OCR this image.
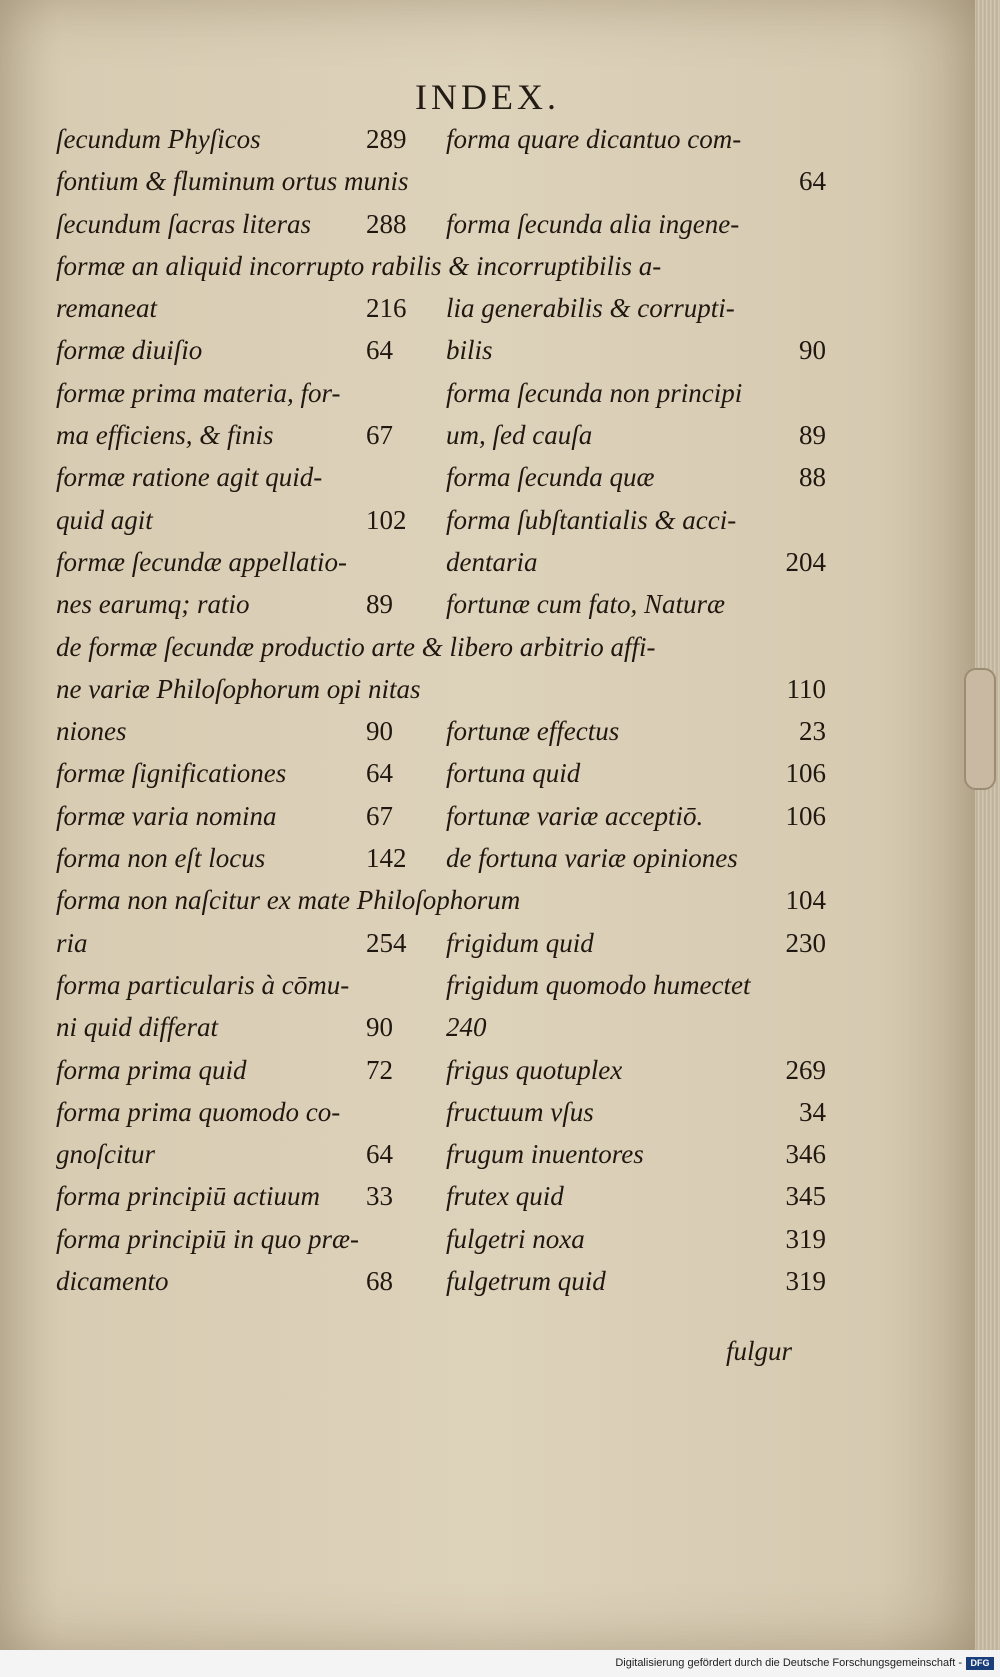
INDEX.
ſecundum Phyſicos	289	forma quare dicantuo com-
fontium & fluminum ortus munis	64
ſecundum ſacras literas 288	forma ſecunda alia ingene-
formæ an aliquid incorrupto rabilis & incorruptibilis a-
remaneat	216	lia generabilis & corrupti-
formæ diuiſio	64	bilis	90
formæ prima materia, for-	forma ſecunda non principi
ma efficiens, & finis	67	um, ſed cauſa	89
formæ ratione agit quid-	forma ſecunda quæ	88
quid agit	102	forma ſubſtantialis & acci-
formæ ſecundæ appellatio-	dentaria	204
nes earumq; ratio	89	fortunæ cum fato, Naturæ
de formæ ſecundæ productio arte & libero arbitrio affi-
ne variæ Philoſophorum opi nitas	110
niones	90	fortunæ effectus	23
formæ ſignificationes	64	fortuna quid	106
formæ varia nomina	67	fortunæ variæ acceptiō.	106
forma non eſt locus	142	de fortuna variæ opiniones
forma non naſcitur ex mate Philoſophorum	104
ria	254	frigidum quid	230
forma particularis à cōmu-	frigidum quomodo humectet
ni quid differat	90	240
forma prima quid	72	frigus quotuplex	269
forma prima quomodo co-	fructuum vſus	34
gnoſcitur	64	frugum inuentores	346
forma principiū actiuum 33	frutex quid	345
forma principiū in quo præ-	fulgetri noxa	319
dicamento	68	fulgetrum quid	319
fulgur
Digitalisierung gefördert durch die Deutsche Forschungsgemeinschaft - DFG
